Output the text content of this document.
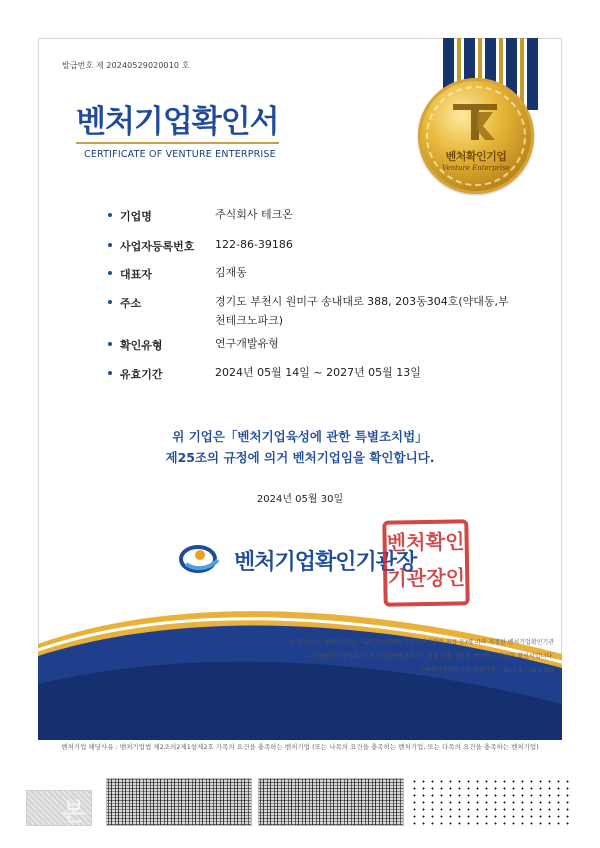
발급번호 제 20240529020010 호
벤처확인기업
Venture Enterprise
벤처기업확인서
CERTIFICATE OF VENTURE ENTERPRISE
기업명	주식회사 테크온
사업자등록번호 122-86-39186
대표자	김재동
주소	경기도 부천시 원미구 송내대로 388, 203동304호(약대동,부천테크노파크)
확인유형	연구개발유형
유효기간	2024년 05월 14일 ~ 2027년 05월 13일
위 기업은「벤처기업육성에 관한 특별조치법」
제25조의 규정에 의거 벤처기업임을 확인합니다.
2024년 05월 30일
벤처기업확인기관장
벤처 확인
기관 장인
이 확인서는「벤처기업법」제25조의3(벤처기업확인기관의 지정 등)에 따라 지정된 벤처기업확인기관
((사)벤처기업협회)이 벤처기업종합관리시스템을 통해 정보를 확인하고 발급한 확인서입니다.
(벤처기업확인기관 지정기간 : '20.7.1~'26.6.30)
벤처기업 해당사유 : 벤처기업법 제2조의2제1항제2호 가목의 요건을 충족하는 벤처기업 (또는 나목의 요건을 충족하는 벤처기업, 또는 다목의 요건을 충족하는 벤처기업)
본
